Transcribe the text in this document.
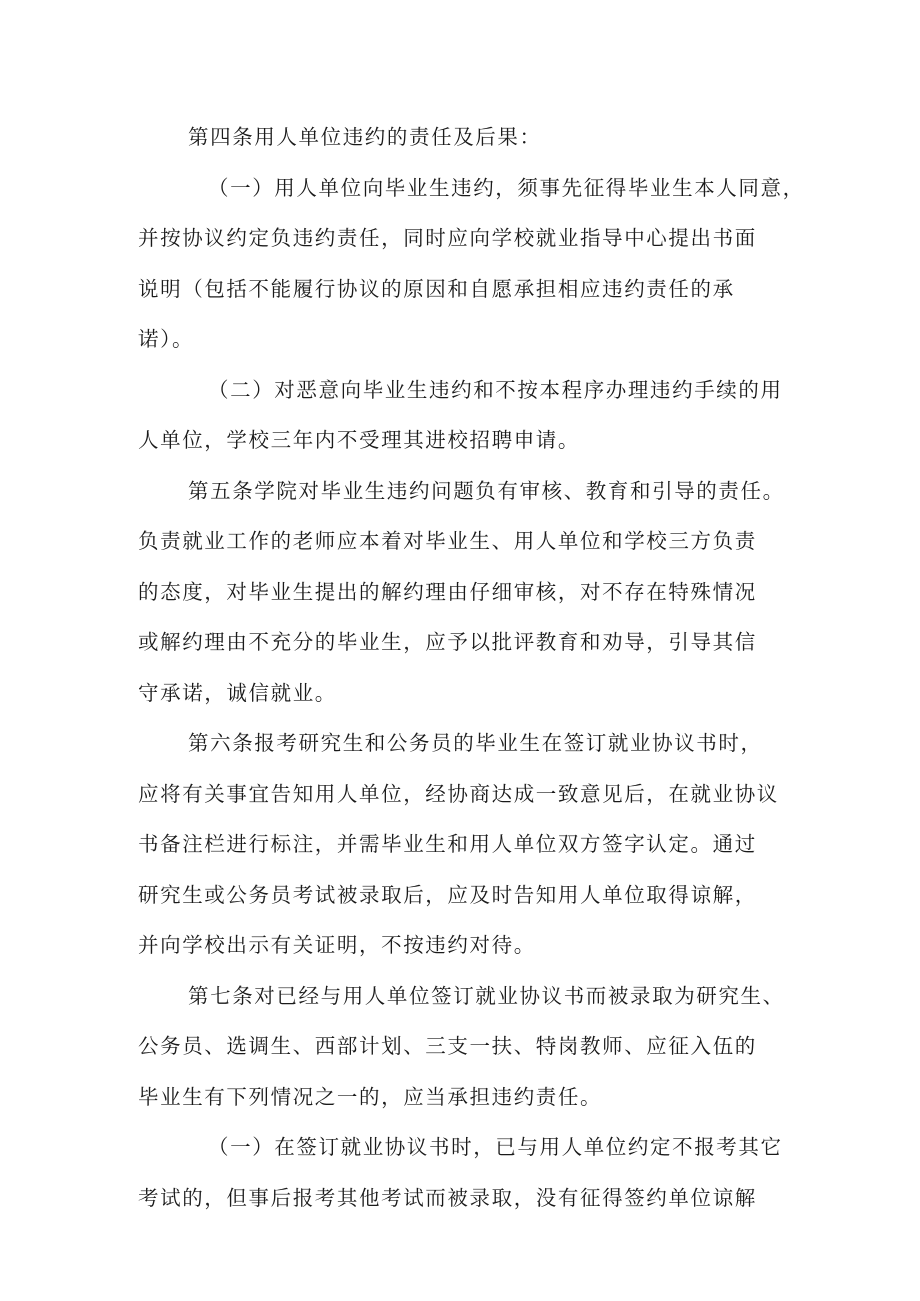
第四条用人单位违约的责任及后果：
（一）用人单位向毕业生违约，须事先征得毕业生本人同意，
并按协议约定负违约责任，同时应向学校就业指导中心提出书面
说明（包括不能履行协议的原因和自愿承担相应违约责任的承
诺）。
（二）对恶意向毕业生违约和不按本程序办理违约手续的用
人单位，学校三年内不受理其进校招聘申请。
第五条学院对毕业生违约问题负有审核、教育和引导的责任。
负责就业工作的老师应本着对毕业生、用人单位和学校三方负责
的态度，对毕业生提出的解约理由仔细审核，对不存在特殊情况
或解约理由不充分的毕业生，应予以批评教育和劝导，引导其信
守承诺，诚信就业。
第六条报考研究生和公务员的毕业生在签订就业协议书时，
应将有关事宜告知用人单位，经协商达成一致意见后，在就业协议
书备注栏进行标注，并需毕业生和用人单位双方签字认定。通过
研究生或公务员考试被录取后，应及时告知用人单位取得谅解，
并向学校出示有关证明，不按违约对待。
第七条对已经与用人单位签订就业协议书而被录取为研究生、
公务员、选调生、西部计划、三支一扶、特岗教师、应征入伍的
毕业生有下列情况之一的，应当承担违约责任。
（一）在签订就业协议书时，已与用人单位约定不报考其它
考试的，但事后报考其他考试而被录取，没有征得签约单位谅解
